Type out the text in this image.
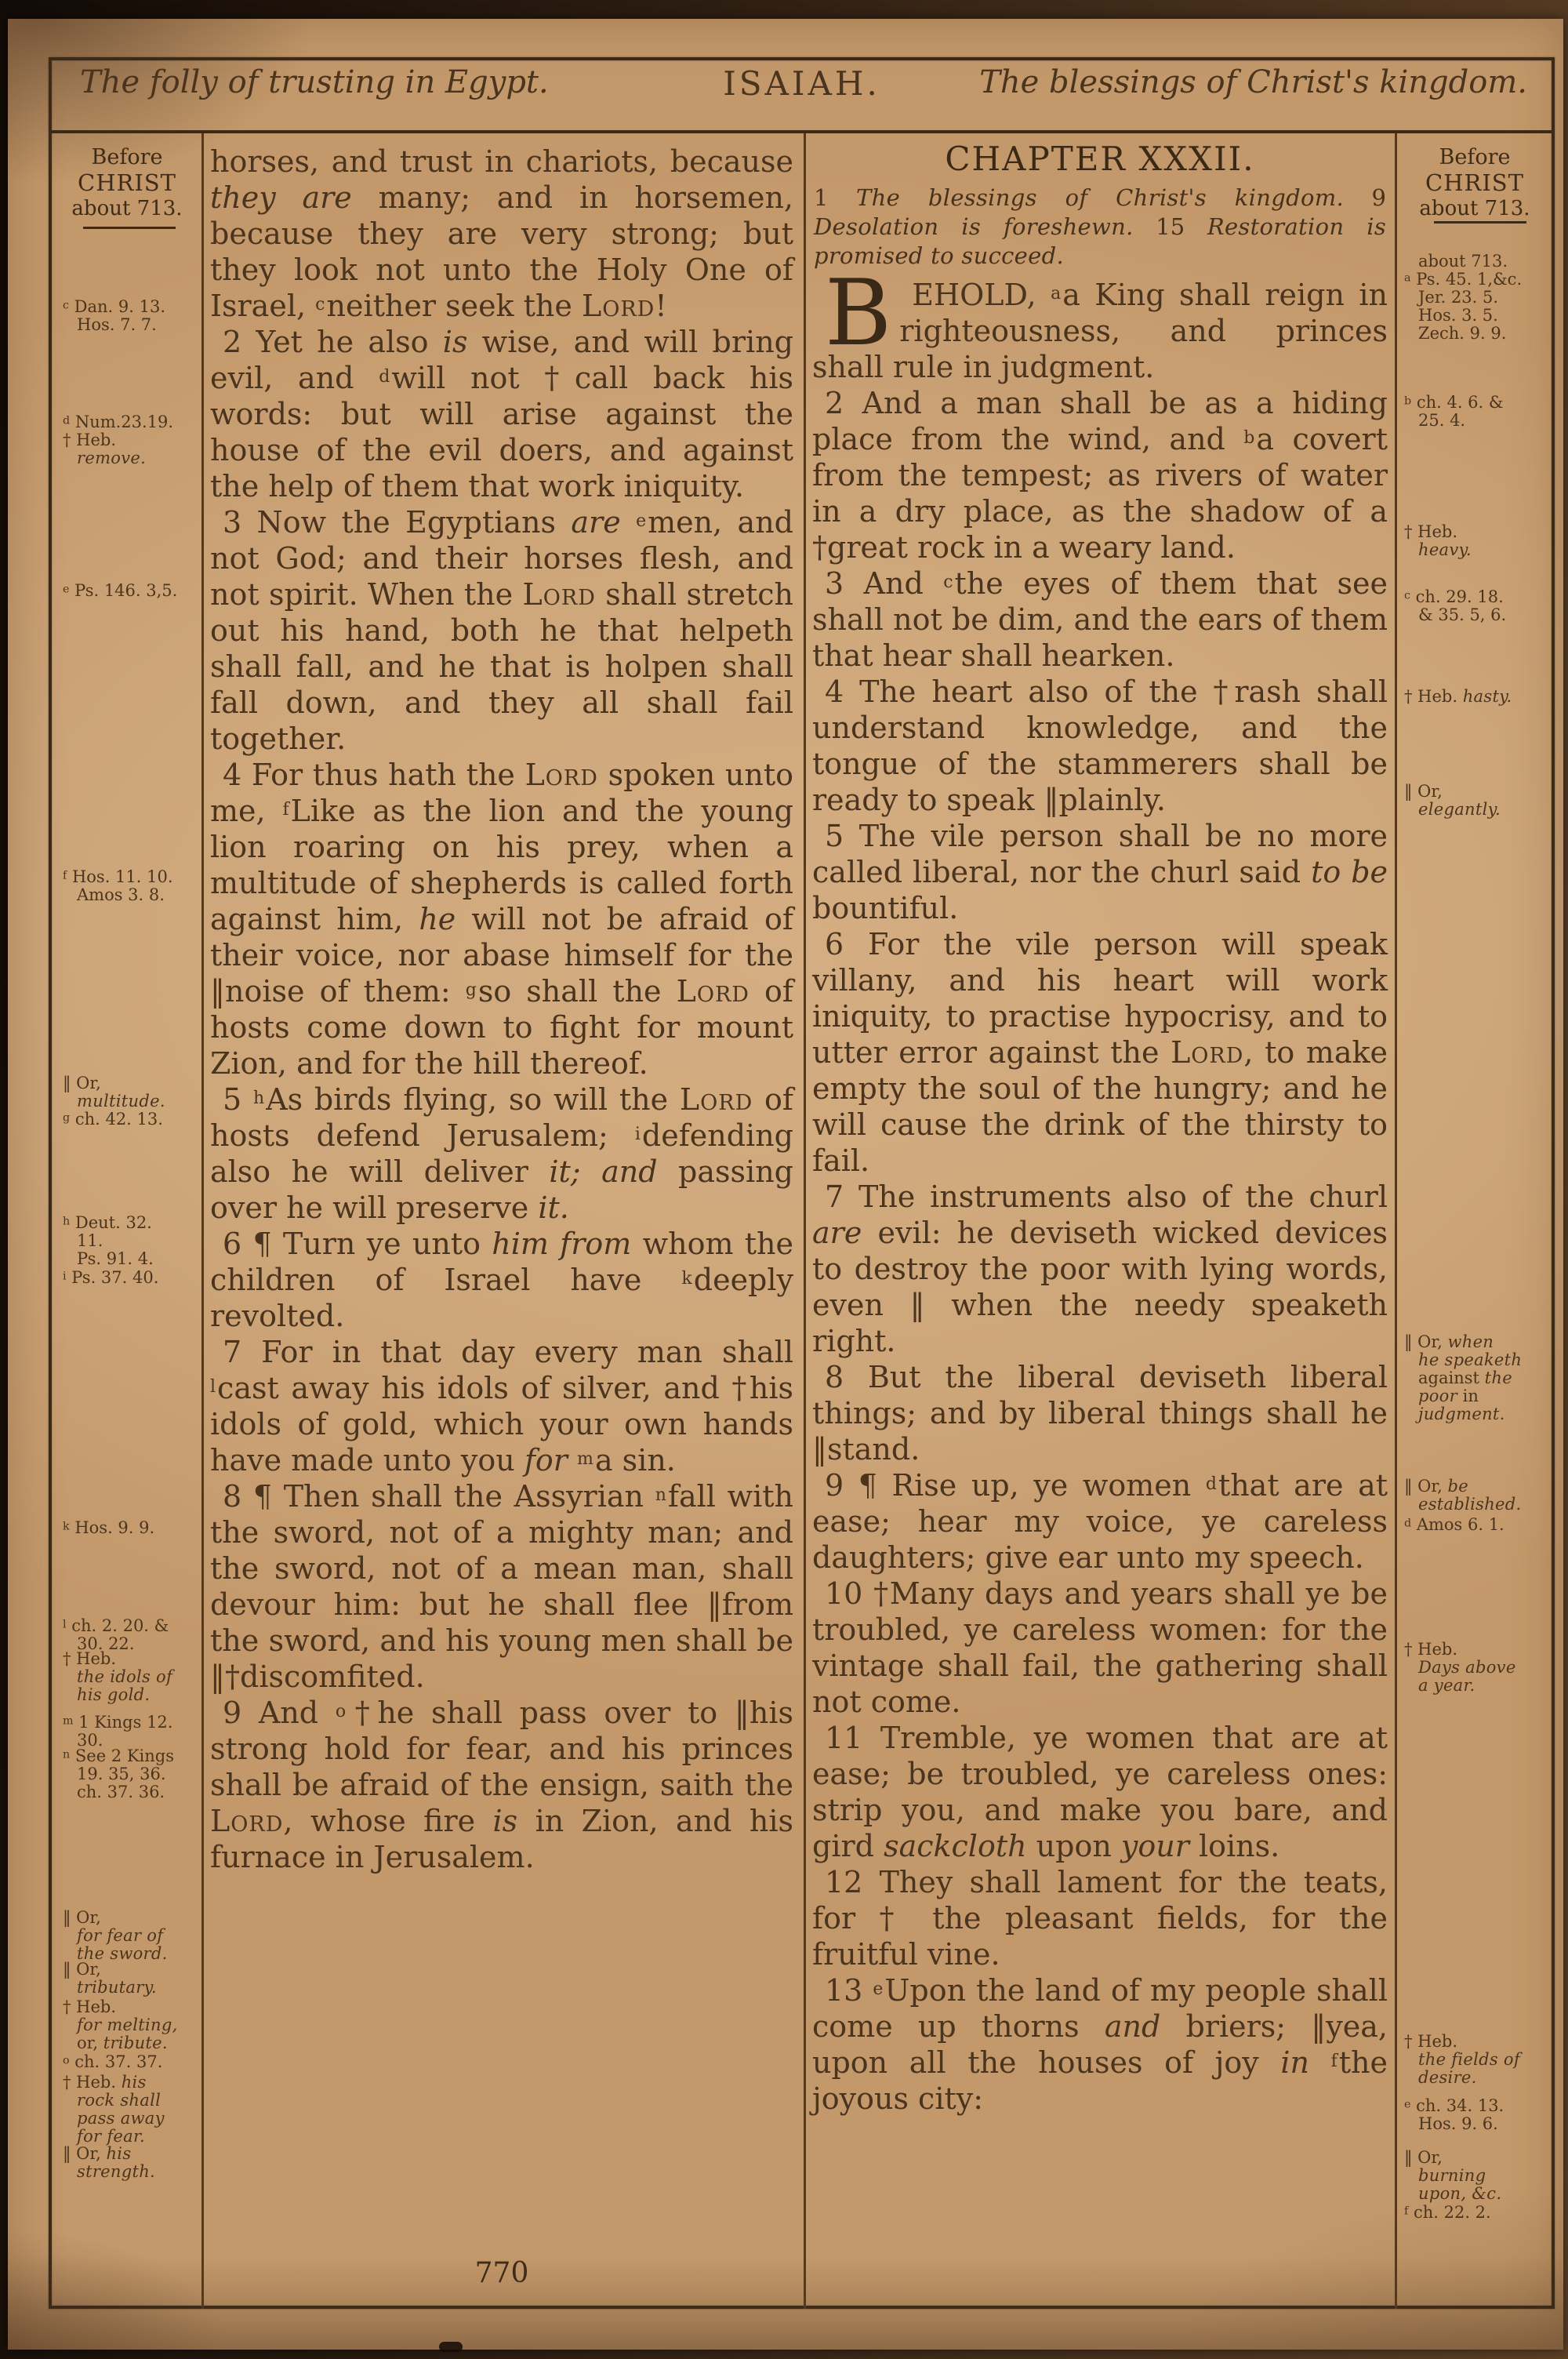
The folly of trusting in Egypt.	ISAIAH.	The blessings of Christ's kingdom.
Before
CHRIST
about 713.
Before
CHRIST
about 713.
$^c$ Dan. 9. 13.
Hos. 7. 7.
$^d$ Num.23.19.
† Heb.
remove.
$^e$ Ps. 146. 3,5.
$^f$ Hos. 11. 10.
Amos 3. 8.
‖ Or,
multitude.
$^g$ ch. 42. 13.
$^h$ Deut. 32.
11.
Ps. 91. 4.
$^i$ Ps. 37. 40.
$^k$ Hos. 9. 9.
$^l$ ch. 2. 20. &
30. 22.
† Heb.
the idols of
his gold.
$^m$ 1 Kings 12.
30.
$^n$ See 2 Kings
19. 35, 36.
ch. 37. 36.
‖ Or,
for fear of
the sword.
‖ Or,
tributary.
† Heb.
for melting,
or, tribute.
$^o$ ch. 37. 37.
† Heb. his
rock shall
pass away
for fear.
‖ Or, his
strength.
about 713.
$^a$ Ps. 45. 1,&c.
Jer. 23. 5.
Hos. 3. 5.
Zech. 9. 9.
$^b$ ch. 4. 6. &
25. 4.
† Heb.
heavy.
$^c$ ch. 29. 18.
& 35. 5, 6.
† Heb. hasty.
‖ Or,
elegantly.
‖ Or, when
he speaketh
against the
poor in
judgment.
‖ Or, be
established.
$^d$ Amos 6. 1.
† Heb.
Days above
a year.
† Heb.
the fields of
desire.
$^e$ ch. 34. 13.
Hos. 9. 6.
‖ Or,
burning
upon, &c.
$^f$ ch. 22. 2.

horses, and trust in chariots, because they are many; and in horsemen, because they are very strong; but they look not unto the Holy One of Israel, $^c$neither seek the Lord!

2 Yet he also is wise, and will bring evil, and $^d$will not †call back his words: but will arise against the house of the evil doers, and against the help of them that work iniquity.

3 Now the Egyptians are $^e$men, and not God; and their horses flesh, and not spirit. When the Lord shall stretch out his hand, both he that helpeth shall fall, and he that is holpen shall fall down, and they all shall fail together.

4 For thus hath the Lord spoken unto me, $^f$Like as the lion and the young lion roaring on his prey, when a multitude of shepherds is called forth against him, he will not be afraid of their voice, nor abase himself for the ‖noise of them: $^g$so shall the Lord of hosts come down to fight for mount Zion, and for the hill thereof.

5 $^h$As birds flying, so will the Lord of hosts defend Jerusalem; $^i$defending also he will deliver it; and passing over he will preserve it.

6 ¶ Turn ye unto him from whom the children of Israel have $^k$deeply revolted.

7 For in that day every man shall $^l$cast away his idols of silver, and †his idols of gold, which your own hands have made unto you for $^m$a sin.

8 ¶ Then shall the Assyrian $^n$fall with the sword, not of a mighty man; and the sword, not of a mean man, shall devour him: but he shall flee ‖from the sword, and his young men shall be ‖†discomfited.

9 And $^o$†he shall pass over to ‖his strong hold for fear, and his princes shall be afraid of the ensign, saith the Lord, whose fire is in Zion, and his furnace in Jerusalem.

CHAPTER XXXII.
1 The blessings of Christ's kingdom. 9 Desolation is foreshewn. 15 Restoration is promised to succeed.

BEHOLD, $^a$a King shall reign in righteousness, and princes shall rule in judgment.

2 And a man shall be as a hiding place from the wind, and $^b$a covert from the tempest; as rivers of water in a dry place, as the shadow of a †great rock in a weary land.

3 And $^c$the eyes of them that see shall not be dim, and the ears of them that hear shall hearken.

4 The heart also of the †rash shall understand knowledge, and the tongue of the stammerers shall be ready to speak ‖plainly.

5 The vile person shall be no more called liberal, nor the churl said to be bountiful.

6 For the vile person will speak villany, and his heart will work iniquity, to practise hypocrisy, and to utter error against the Lord, to make empty the soul of the hungry; and he will cause the drink of the thirsty to fail.

7 The instruments also of the churl are evil: he deviseth wicked devices to destroy the poor with lying words, even ‖ when the needy speaketh right.

8 But the liberal deviseth liberal things; and by liberal things shall he ‖stand.

9 ¶ Rise up, ye women $^d$that are at ease; hear my voice, ye careless daughters; give ear unto my speech.

10 †Many days and years shall ye be troubled, ye careless women: for the vintage shall fail, the gathering shall not come.

11 Tremble, ye women that are at ease; be troubled, ye careless ones: strip you, and make you bare, and gird sackcloth upon your loins.

12 They shall lament for the teats, for † the pleasant fields, for the fruitful vine.

13 $^e$Upon the land of my people shall come up thorns and briers; ‖yea, upon all the houses of joy in $^f$the joyous city:

770
